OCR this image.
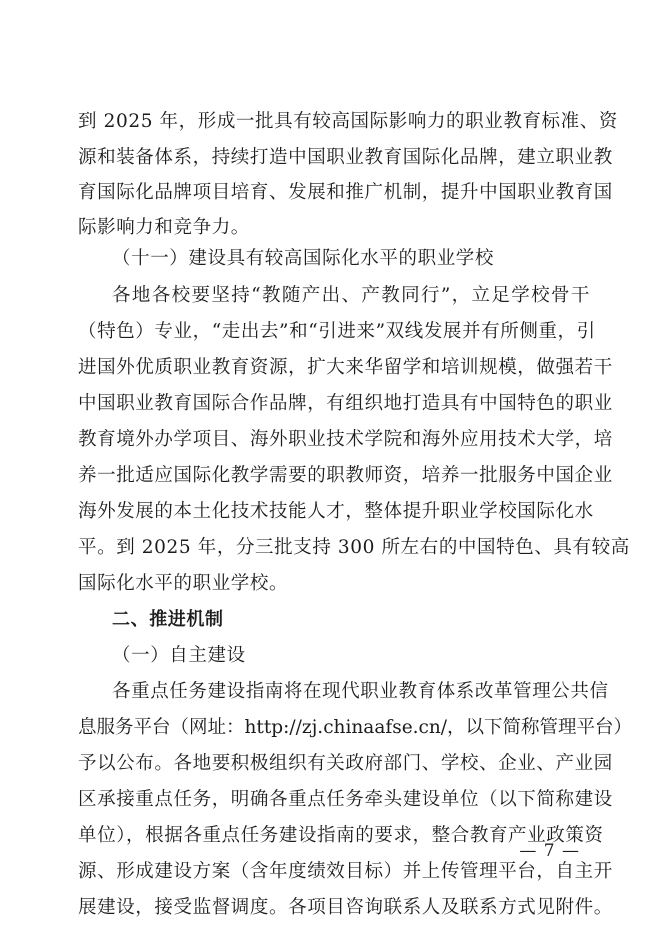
到 2025 年，形成一批具有较高国际影响力的职业教育标准、资
源和装备体系，持续打造中国职业教育国际化品牌，建立职业教
育国际化品牌项目培育、发展和推广机制，提升中国职业教育国
际影响力和竞争力。
（十一）建设具有较高国际化水平的职业学校
各地各校要坚持“教随产出、产教同行”，立足学校骨干
（特色）专业，“走出去”和“引进来”双线发展并有所侧重，引
进国外优质职业教育资源，扩大来华留学和培训规模，做强若干
中国职业教育国际合作品牌，有组织地打造具有中国特色的职业
教育境外办学项目、海外职业技术学院和海外应用技术大学，培
养一批适应国际化教学需要的职教师资，培养一批服务中国企业
海外发展的本土化技术技能人才，整体提升职业学校国际化水
平。到 2025 年，分三批支持 300 所左右的中国特色、具有较高
国际化水平的职业学校。
二、推进机制
（一）自主建设
各重点任务建设指南将在现代职业教育体系改革管理公共信
息服务平台（网址：http://zj.chinaafse.cn/，以下简称管理平台）
予以公布。各地要积极组织有关政府部门、学校、企业、产业园
区承接重点任务，明确各重点任务牵头建设单位（以下简称建设
单位），根据各重点任务建设指南的要求，整合教育产业政策资
源、形成建设方案（含年度绩效目标）并上传管理平台，自主开
展建设，接受监督调度。各项目咨询联系人及联系方式见附件。
— 7 —
